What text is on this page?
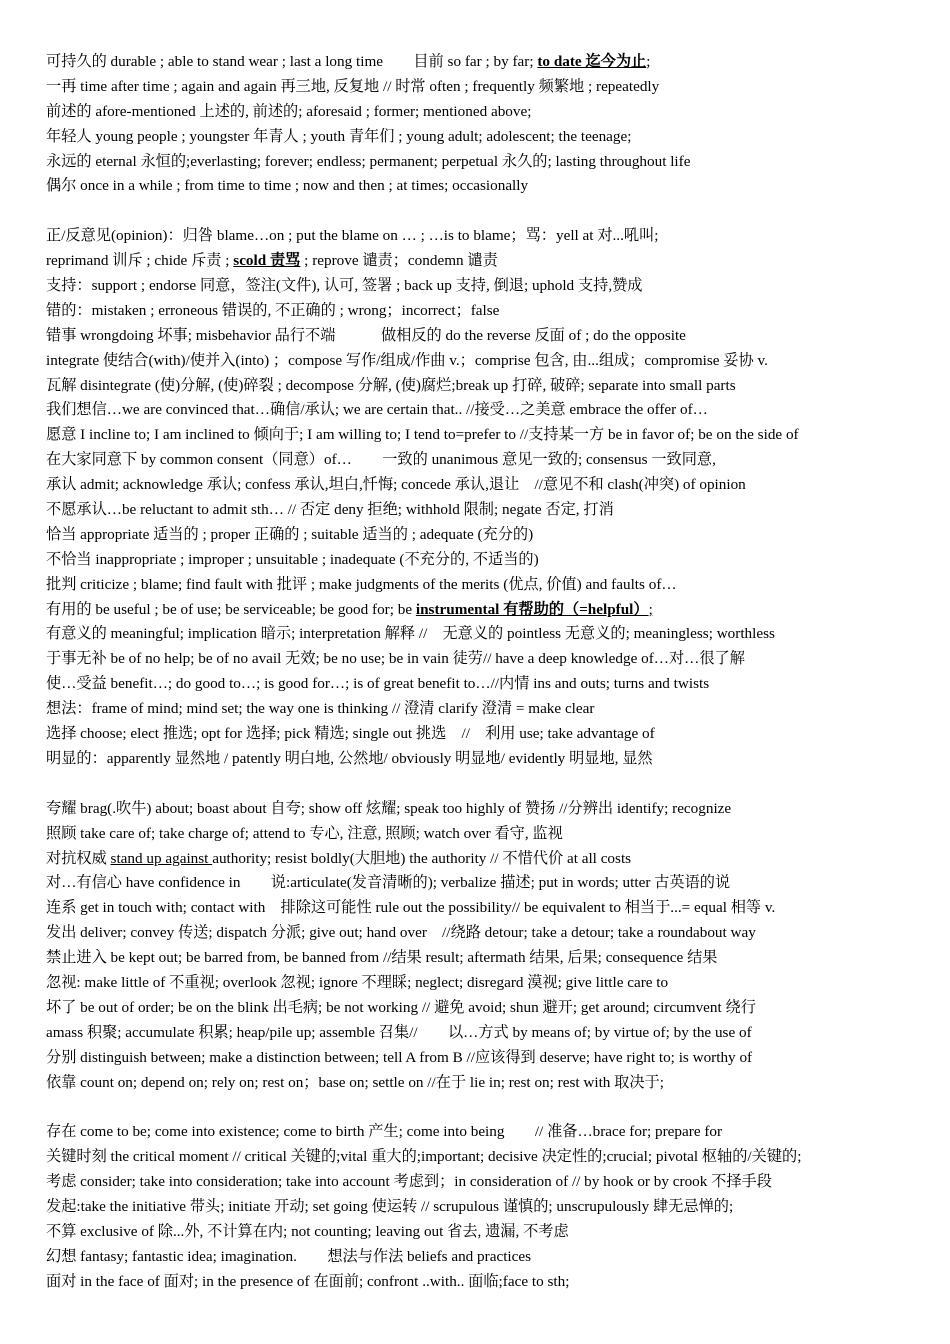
可持久的 durable ; able to stand wear ; last a long time　　目前 so far ; by far; to date 迄今为止;
一再 time after time ; again and again 再三地, 反复地 // 时常 often ; frequently 频繁地 ; repeatedly
前述的 afore-mentioned 上述的, 前述的; aforesaid ; former; mentioned above;
年轻人 young people ; youngster 年青人 ; youth 青年们 ; young adult; adolescent; the teenage;
永远的 eternal 永恒的;everlasting; forever; endless; permanent; perpetual 永久的; lasting throughout life
偶尔 once in a while ; from time to time ; now and then ; at times; occasionally
正/反意见(opinion)：归咎 blame…on ; put the blame on … ; …is to blame；骂：yell at 对...吼叫;
reprimand 训斥 ; chide 斥责 ; scold 责骂 ; reprove 谴责；condemn 谴责
支持：support ; endorse 同意，签注(文件), 认可, 签署 ; back up 支持, 倒退; uphold 支持,赞成
错的：mistaken ; erroneous 错误的, 不正确的 ; wrong；incorrect；false
错事 wrongdoing 坏事; misbehavior 品行不端　　　做相反的 do the reverse 反面 of ; do the opposite
integrate 使结合(with)/使并入(into) ；compose 写作/组成/作曲 v.；comprise 包含, 由...组成；compromise 妥协 v.
瓦解 disintegrate (使)分解, (使)碎裂 ; decompose 分解, (使)腐烂;break up 打碎, 破碎; separate into small parts
我们想信…we are convinced that…确信/承认; we are certain that.. //接受…之美意 embrace the offer of…
愿意 I incline to; I am inclined to 倾向于; I am willing to; I tend to=prefer to //支持某一方 be in favor of; be on the side of
在大家同意下 by common consent（同意）of…　　一致的 unanimous 意见一致的; consensus 一致同意,
承认 admit; acknowledge 承认; confess 承认,坦白,忏悔; concede 承认,退让　//意见不和 clash(冲突) of opinion
不愿承认…be reluctant to admit sth… // 否定 deny 拒绝; withhold 限制; negate 否定, 打消
恰当 appropriate 适当的 ; proper 正确的 ; suitable 适当的 ; adequate (充分的)
不恰当 inappropriate ; improper ; unsuitable ; inadequate (不充分的, 不适当的)
批判 criticize ; blame; find fault with 批评 ; make judgments of the merits (优点, 价值) and faults of…
有用的 be useful ; be of use; be serviceable; be good for; be instrumental 有帮助的（=helpful）;
有意义的 meaningful; implication 暗示; interpretation 解释 //　无意义的 pointless 无意义的; meaningless; worthless
于事无补 be of no help; be of no avail 无效; be no use; be in vain 徒劳// have a deep knowledge of…对…很了解
使…受益 benefit…; do good to…; is good for…; is of great benefit to…//内情 ins and outs; turns and twists
想法：frame of mind; mind set; the way one is thinking // 澄清 clarify 澄清 = make clear
选择 choose; elect 推选; opt for 选择; pick 精选; single out 挑选　//　利用 use; take advantage of
明显的：apparently 显然地 / patently 明白地, 公然地/ obviously 明显地/ evidently 明显地, 显然
夸耀 brag(.吹牛) about; boast about 自夸; show off 炫耀; speak too highly of 赞扬 //分辨出 identify; recognize
照顾 take care of; take charge of; attend to 专心, 注意, 照顾; watch over 看守, 监视
对抗权威 stand up against authority; resist boldly(大胆地) the authority // 不惜代价 at all costs
对…有信心 have confidence in　　说:articulate(发音清晰的); verbalize 描述; put in words; utter 古英语的说
连系 get in touch with; contact with　排除这可能性 rule out the possibility// be equivalent to 相当于...= equal 相等 v.
发出 deliver; convey 传送; dispatch 分派; give out; hand over　//绕路 detour; take a detour; take a roundabout way
禁止进入 be kept out; be barred from, be banned from //结果 result; aftermath 结果, 后果; consequence 结果
忽视: make little of 不重视; overlook 忽视; ignore 不理睬; neglect; disregard 漠视; give little care to
坏了 be out of order; be on the blink 出毛病; be not working // 避免 avoid; shun 避开; get around; circumvent 绕行
amass 积聚; accumulate 积累; heap/pile up; assemble 召集//　　以…方式 by means of; by virtue of; by the use of
分别 distinguish between; make a distinction between; tell A from B //应该得到 deserve; have right to; is worthy of
依靠 count on; depend on; rely on; rest on；base on; settle on //在于 lie in; rest on; rest with 取决于;
存在 come to be; come into existence; come to birth 产生; come into being　　// 准备…brace for; prepare for
关键时刻 the critical moment // critical 关键的;vital 重大的;important; decisive 决定性的;crucial; pivotal 枢轴的/关键的;
考虑 consider; take into consideration; take into account 考虑到；in consideration of // by hook or by crook 不择手段
发起:take the initiative 带头; initiate 开动; set going 使运转 // scrupulous 谨慎的; unscrupulously 肆无忌惮的;
不算 exclusive of 除...外, 不计算在内; not counting; leaving out 省去, 遗漏, 不考虑
幻想 fantasy; fantastic idea; imagination.　　想法与作法 beliefs and practices
面对 in the face of 面对; in the presence of 在面前; confront ..with.. 面临;face to sth;
